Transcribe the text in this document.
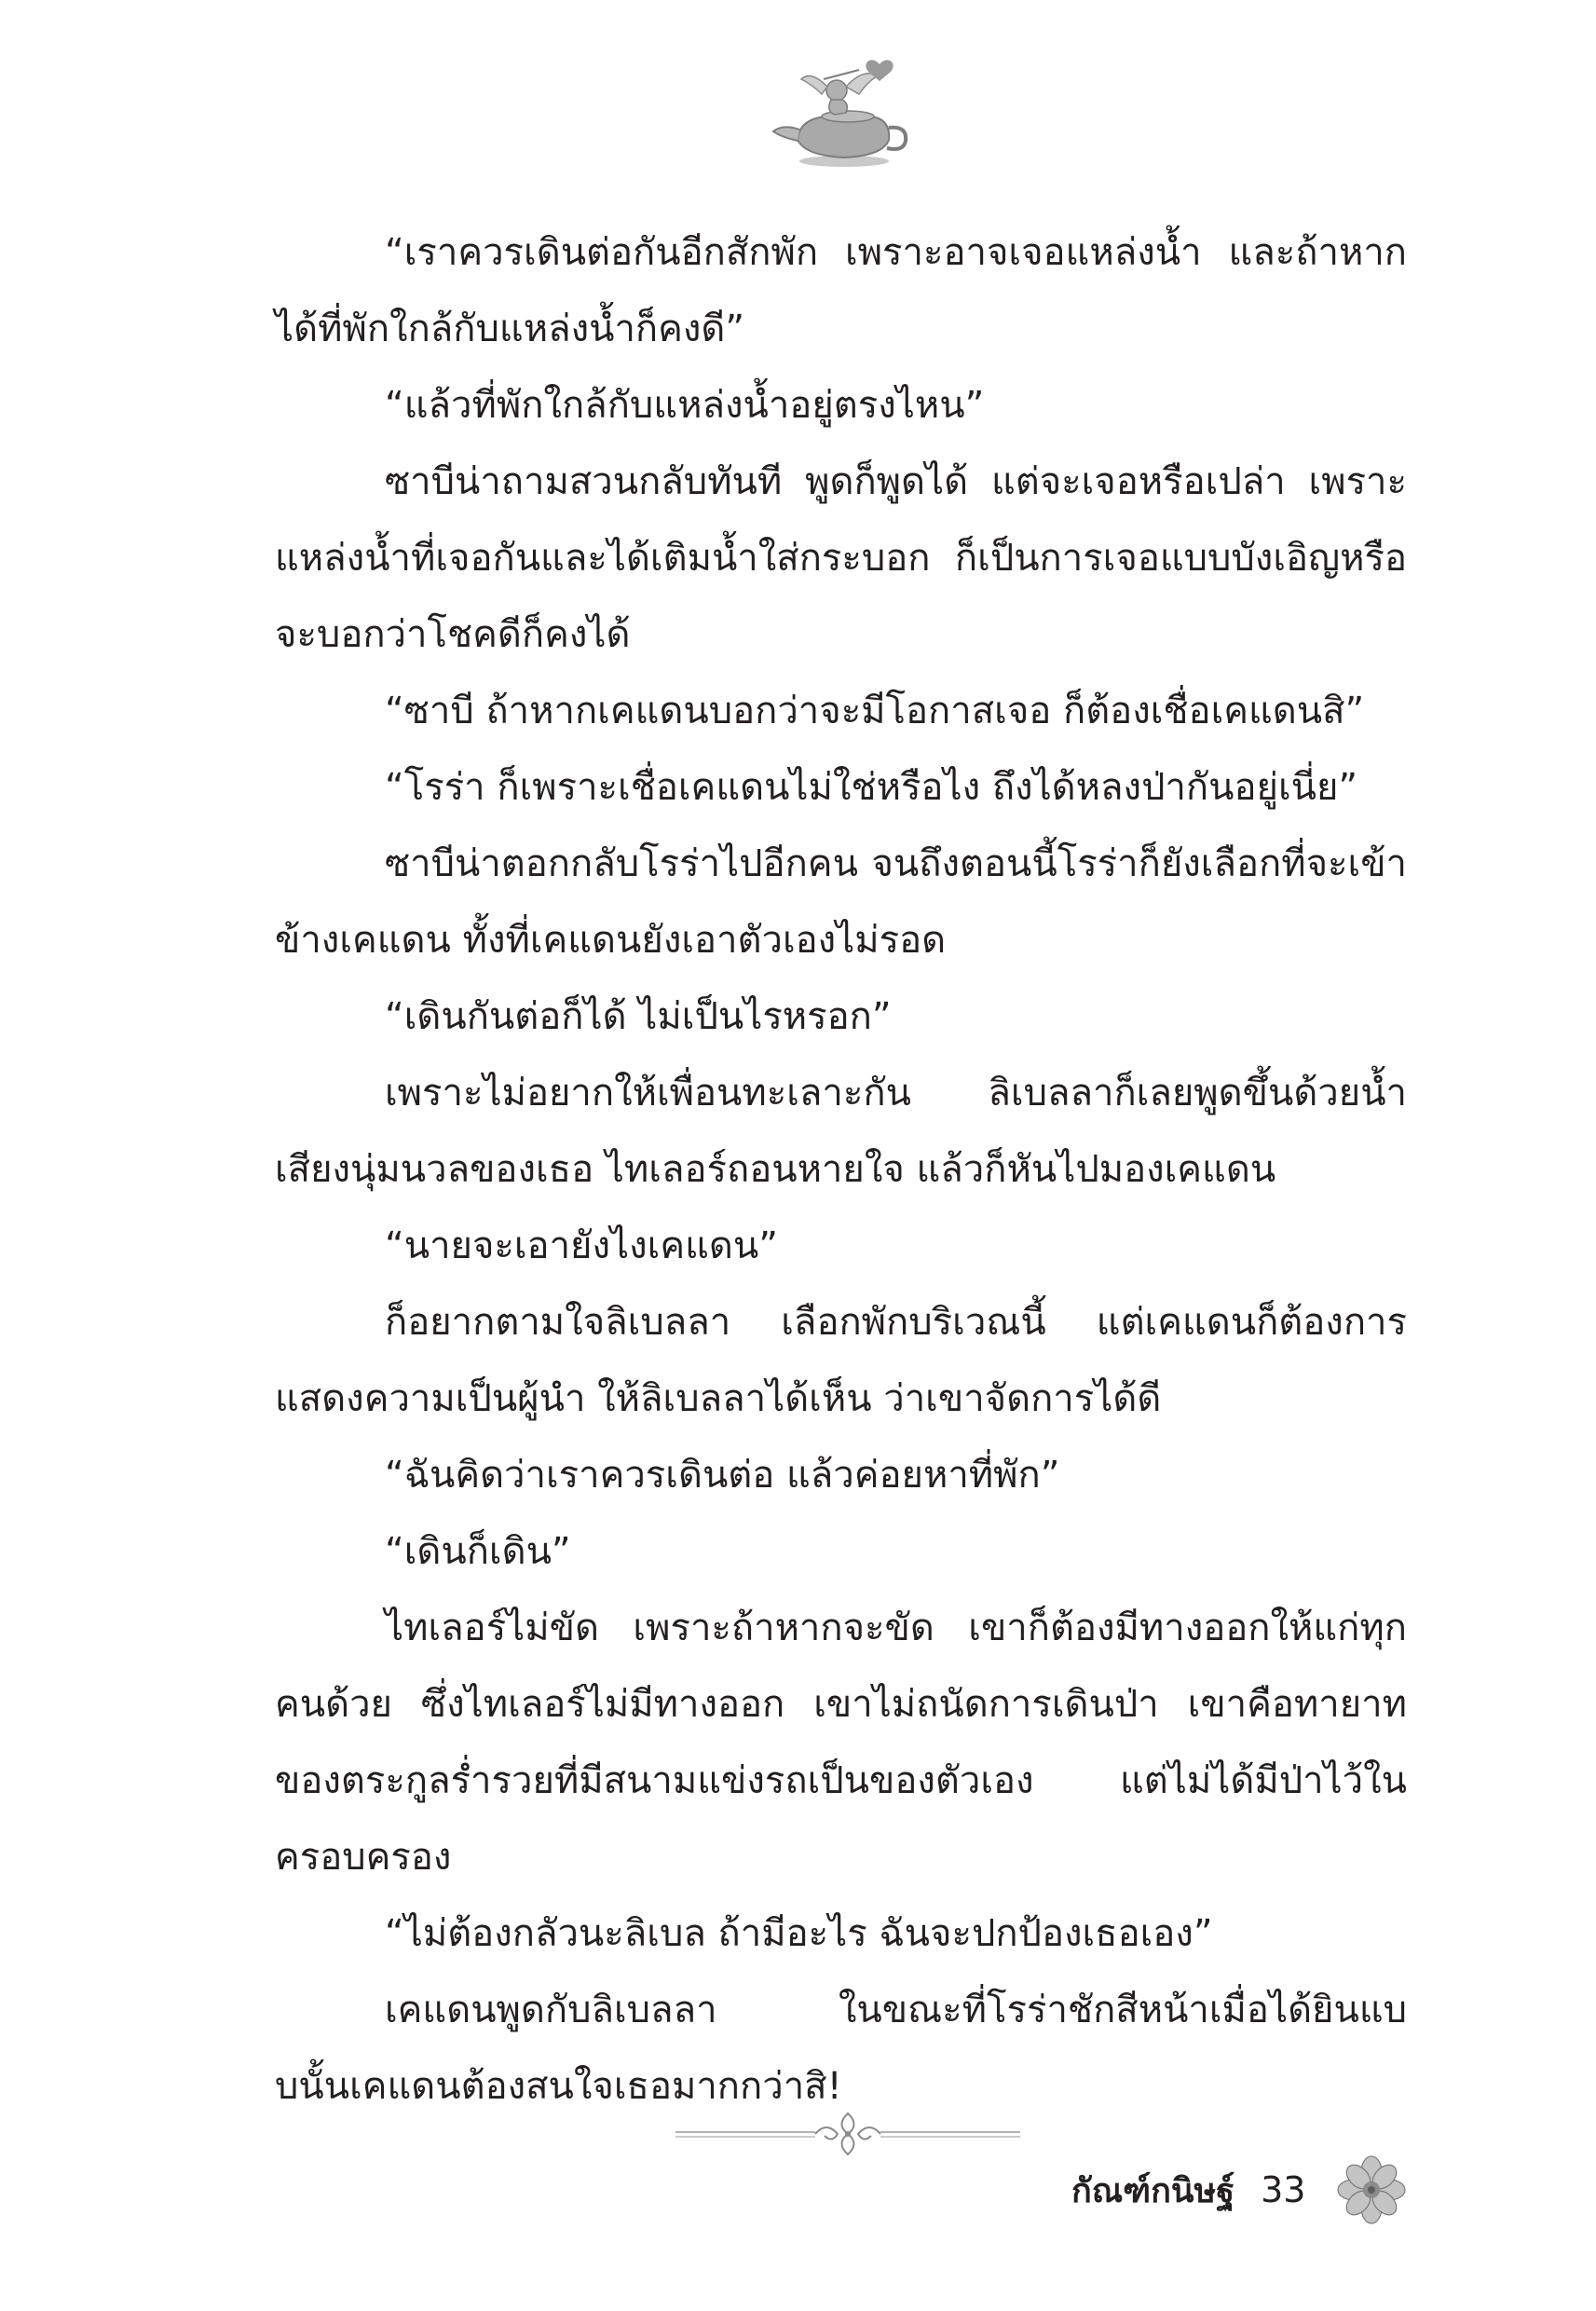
“เราควรเดินต่อกันอีกสักพัก เพราะอาจเจอแหล่งน้ำ และถ้าหากได้ที่พักใกล้กับแหล่งน้ำก็คงดี”

“แล้วที่พักใกล้กับแหล่งน้ำอยู่ตรงไหน”

ซาบีน่าถามสวนกลับทันที พูดก็พูดได้ แต่จะเจอหรือเปล่า เพราะแหล่งน้ำที่เจอกันและได้เติมน้ำใส่กระบอก ก็เป็นการเจอแบบบังเอิญหรือจะบอกว่าโชคดีก็คงได้

“ซาบี ถ้าหากเคแดนบอกว่าจะมีโอกาสเจอ ก็ต้องเชื่อเคแดนสิ”

“โรร่า ก็เพราะเชื่อเคแดนไม่ใช่หรือไง ถึงได้หลงป่ากันอยู่เนี่ย”

ซาบีน่าตอกกลับโรร่าไปอีกคน จนถึงตอนนี้โรร่าก็ยังเลือกที่จะเข้าข้างเคแดน ทั้งที่เคแดนยังเอาตัวเองไม่รอด

“เดินกันต่อก็ได้ ไม่เป็นไรหรอก”

เพราะไม่อยากให้เพื่อนทะเลาะกัน ลิเบลลาก็เลยพูดขึ้นด้วยน้ำเสียงนุ่มนวลของเธอ ไทเลอร์ถอนหายใจ แล้วก็หันไปมองเคแดน

“นายจะเอายังไงเคแดน”

ก็อยากตามใจลิเบลลา เลือกพักบริเวณนี้ แต่เคแดนก็ต้องการแสดงความเป็นผู้นำ ให้ลิเบลลาได้เห็น ว่าเขาจัดการได้ดี

“ฉันคิดว่าเราควรเดินต่อ แล้วค่อยหาที่พัก”

“เดินก็เดิน”

ไทเลอร์ไม่ขัด เพราะถ้าหากจะขัด เขาก็ต้องมีทางออกให้แก่ทุกคนด้วย ซึ่งไทเลอร์ไม่มีทางออก เขาไม่ถนัดการเดินป่า เขาคือทายาทของตระกูลร่ำรวยที่มีสนามแข่งรถเป็นของตัวเอง แต่ไม่ได้มีป่าไว้ในครอบครอง

“ไม่ต้องกลัวนะลิเบล ถ้ามีอะไร ฉันจะปกป้องเธอเอง”

เคแดนพูดกับลิเบลลา ในขณะที่โรร่าชักสีหน้าเมื่อได้ยินแบบนั้นเคแดนต้องสนใจเธอมากกว่าสิ!

กัณฑ์กนิษฐ์ 33
